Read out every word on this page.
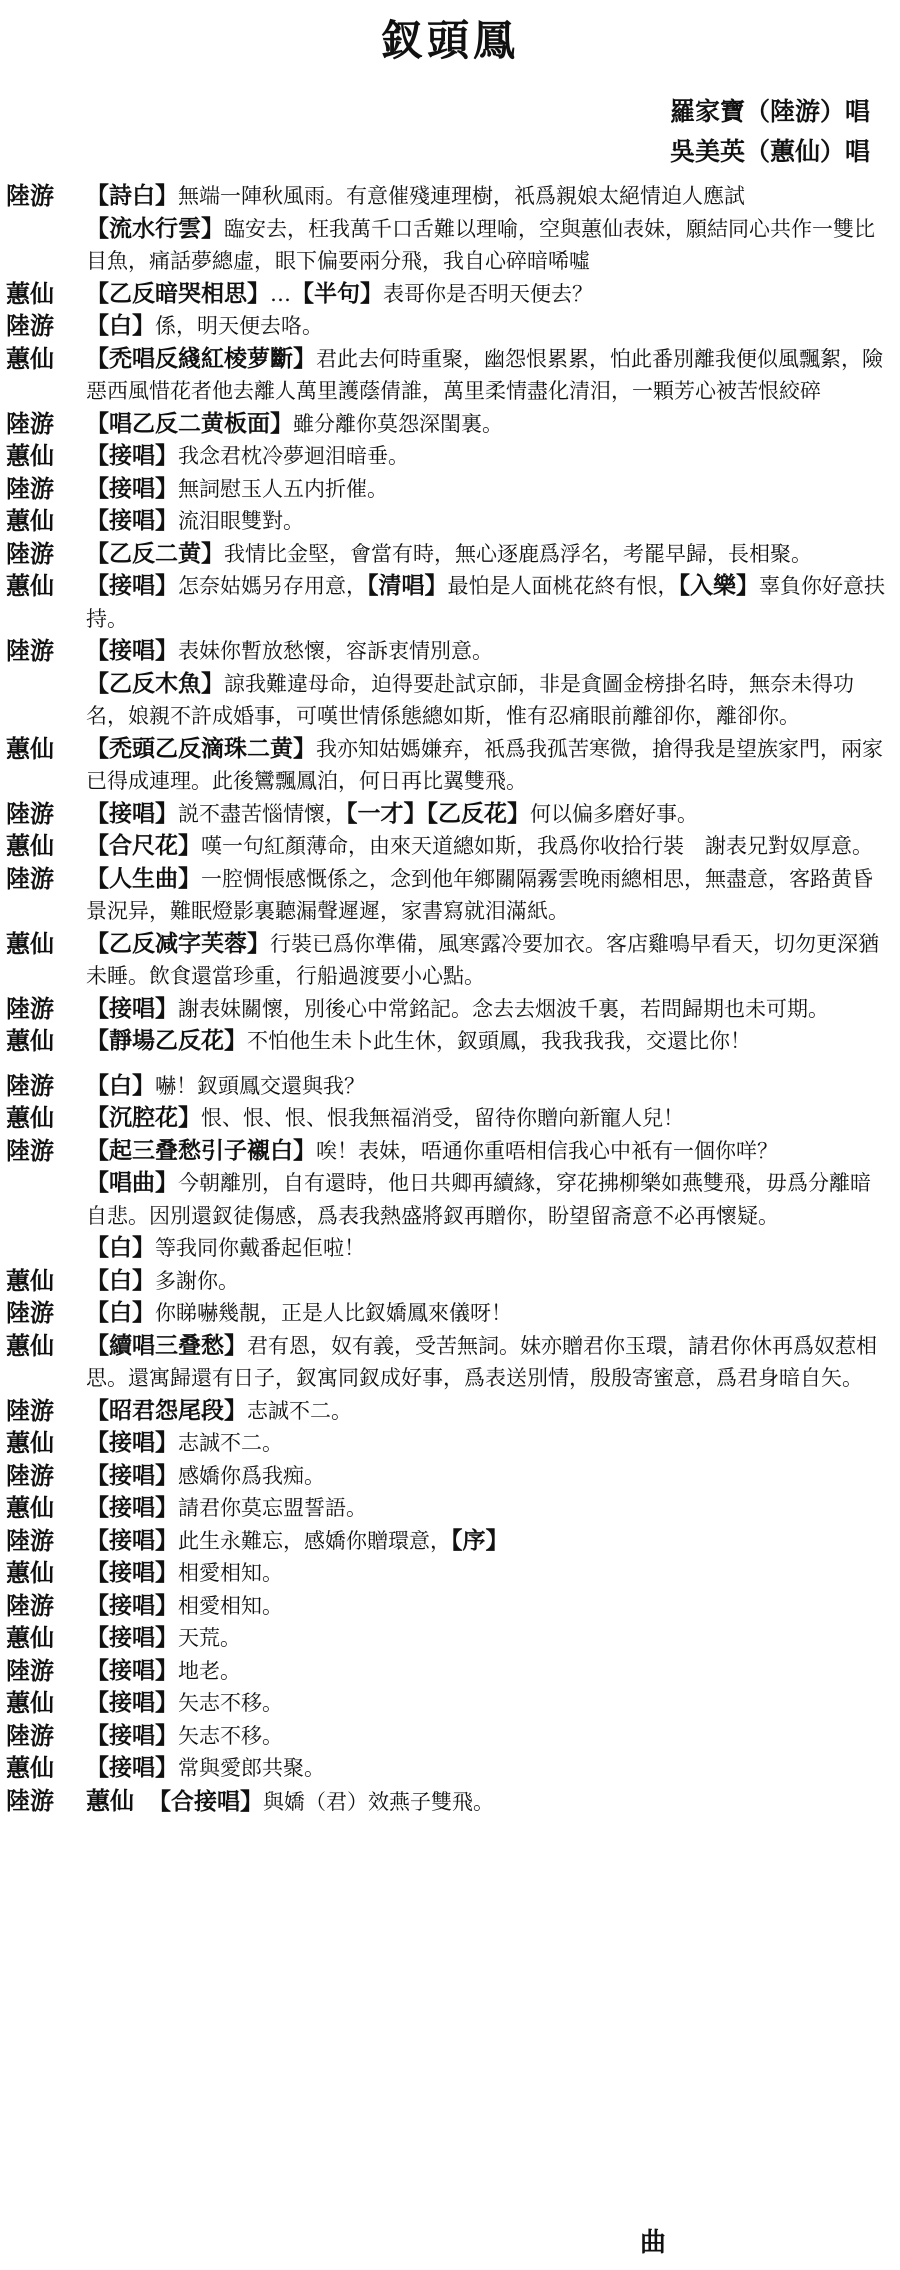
釵頭鳳
羅家寶（陸游）唱
吳美英（蕙仙）唱
陸游	【詩白】無端一陣秋風雨。有意催殘連理樹，祇爲親娘太絕情迫人應試
【流水行雲】臨安去，枉我萬千口舌難以理喻，空與蕙仙表妹，願結同心共作一雙比目魚，痛話夢總虛，眼下偏要兩分飛，我自心碎暗唏噓
蕙仙	【乙反暗哭相思】…【半句】表哥你是否明天便去？
陸游	【白】係，明天便去咯。
蕙仙	【禿唱反綫紅棱萝斷】君此去何時重聚，幽怨恨累累，怕此番別離我便似風飄絮，險惡西風惜花者他去離人萬里護蔭倩誰，萬里柔情盡化清泪，一顆芳心被苦恨絞碎
陸游	【唱乙反二黄板面】雖分離你莫怨深閨裏。
蕙仙	【接唱】我念君枕冷夢迴泪暗垂。
陸游	【接唱】無詞慰玉人五内折催。
蕙仙	【接唱】流泪眼雙對。
陸游	【乙反二黄】我情比金堅，會當有時，無心逐鹿爲浮名，考罷早歸，長相聚。
蕙仙	【接唱】怎奈姑媽另存用意，【清唱】最怕是人面桃花終有恨，【入樂】辜負你好意扶持。
陸游	【接唱】表妹你暫放愁懷，容訴衷情別意。
【乙反木魚】諒我難違母命，迫得要赴試京師，非是貪圖金榜掛名時，無奈未得功名，娘親不許成婚事，可嘆世情係態總如斯，惟有忍痛眼前離卻你，離卻你。
蕙仙	【禿頭乙反滴珠二黄】我亦知姑媽嫌弃，祇爲我孤苦寒微，搶得我是望族家門，兩家已得成連理。此後鸞飄鳳泊，何日再比翼雙飛。
陸游	【接唱】説不盡苦惱情懷，【一才】【乙反花】何以偏多磨好事。
蕙仙	【合尺花】嘆一句紅顏薄命，由來天道總如斯，我爲你收拾行裝　謝表兄對奴厚意。
陸游	【人生曲】一腔惆悵感慨係之，念到他年鄉關隔霧雲晚雨總相思，無盡意，客路黄昏景況异，難眠燈影裏聽漏聲遲遲，家書寫就泪滿紙。
蕙仙	【乙反减字芙蓉】行裝已爲你準備，風寒露冷要加衣。客店雞鳴早看天，切勿更深猶未睡。飲食還當珍重，行船過渡要小心點。
陸游	【接唱】謝表妹關懷，別後心中常銘記。念去去烟波千裏，若問歸期也未可期。
蕙仙	【靜場乙反花】不怕他生未卜此生休，釵頭鳳，我我我我，交還比你！
陸游	【白】嚇！釵頭鳳交還與我？
蕙仙	【沉腔花】恨、恨、恨、恨我無福消受，留待你贈向新寵人兒！
陸游	【起三叠愁引子襯白】唉！表妹，唔通你重唔相信我心中衹有一個你咩？
【唱曲】今朝離別，自有還時，他日共卿再續緣，穿花拂柳樂如燕雙飛，毋爲分離暗自悲。因別還釵徒傷感，爲表我熱盛將釵再贈你，盼望留斋意不必再懷疑。
【白】等我同你戴番起佢啦！
蕙仙	【白】多謝你。
陸游	【白】你睇嚇幾靚，正是人比釵嬌鳳來儀呀！
蕙仙	【續唱三叠愁】君有恩，奴有義，受苦無詞。妹亦贈君你玉環，請君你休再爲奴惹相思。還寓歸還有日子，釵寓同釵成好事，爲表送別情，殷殷寄蜜意，爲君身暗自矢。
陸游	【昭君怨尾段】志誠不二。
蕙仙	【接唱】志誠不二。
陸游	【接唱】感嬌你爲我痴。
蕙仙	【接唱】請君你莫忘盟誓語。
陸游	【接唱】此生永難忘，感嬌你贈環意，【序】
蕙仙	【接唱】相愛相知。
陸游	【接唱】相愛相知。
蕙仙	【接唱】天荒。
陸游	【接唱】地老。
蕙仙	【接唱】矢志不移。
陸游	【接唱】矢志不移。
蕙仙	【接唱】常與愛郎共聚。
陸游	蕙仙 【合接唱】與嬌（君）效燕子雙飛。
曲
